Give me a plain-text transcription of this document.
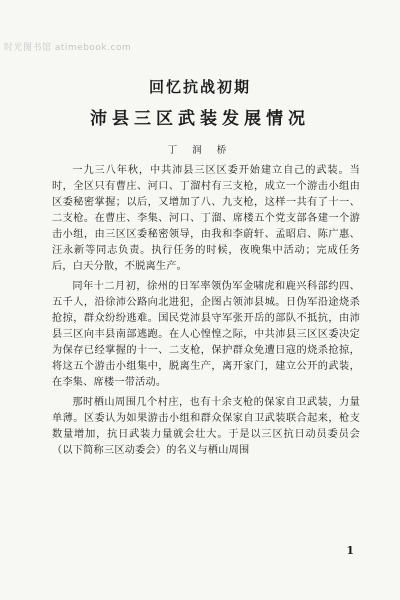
时光图书馆 atimebook.com
回忆抗战初期
沛县三区武装发展情况
丁 润 桥

一九三八年秋，中共沛县三区区委开始建立自己的武装。当时，全区只有曹庄、河口、丁溜村有三支枪，成立一个游击小组由区委秘密掌握；以后，又增加了八、九支枪，这样一共有了十一、二支枪。在曹庄、李集、河口、丁溜、席楼五个党支部各建一个游击小组，由三区区委秘密领导，由我和李蔚轩、孟昭启、陈广惠、汪永新等同志负责。执行任务的时候，夜晚集中活动；完成任务后，白天分散，不脱离生产。

同年十二月初，徐州的日军率领伪军金啸虎和鹿兴科部约四、五千人，沿徐沛公路向北进犯，企图占领沛县城。日伪军沿途烧杀抢掠，群众纷纷逃难。国民党沛县守军张开岳的部队不抵抗，由沛县三区向丰县南部逃跑。在人心惶惶之际，中共沛县三区区委决定为保存已经掌握的十一、二支枪，保护群众免遭日寇的烧杀抢掠，将这五个游击小组集中，脱离生产，离开家门，建立公开的武装，在李集、席楼一带活动。

那时栖山周围几个村庄，也有十余支枪的保家自卫武装，力量单薄。区委认为如果游击小组和群众保家自卫武装联合起来，枪支数量增加，抗日武装力量就会壮大。于是以三区抗日动员委员会（以下简称三区动委会）的名义与栖山周围

1
